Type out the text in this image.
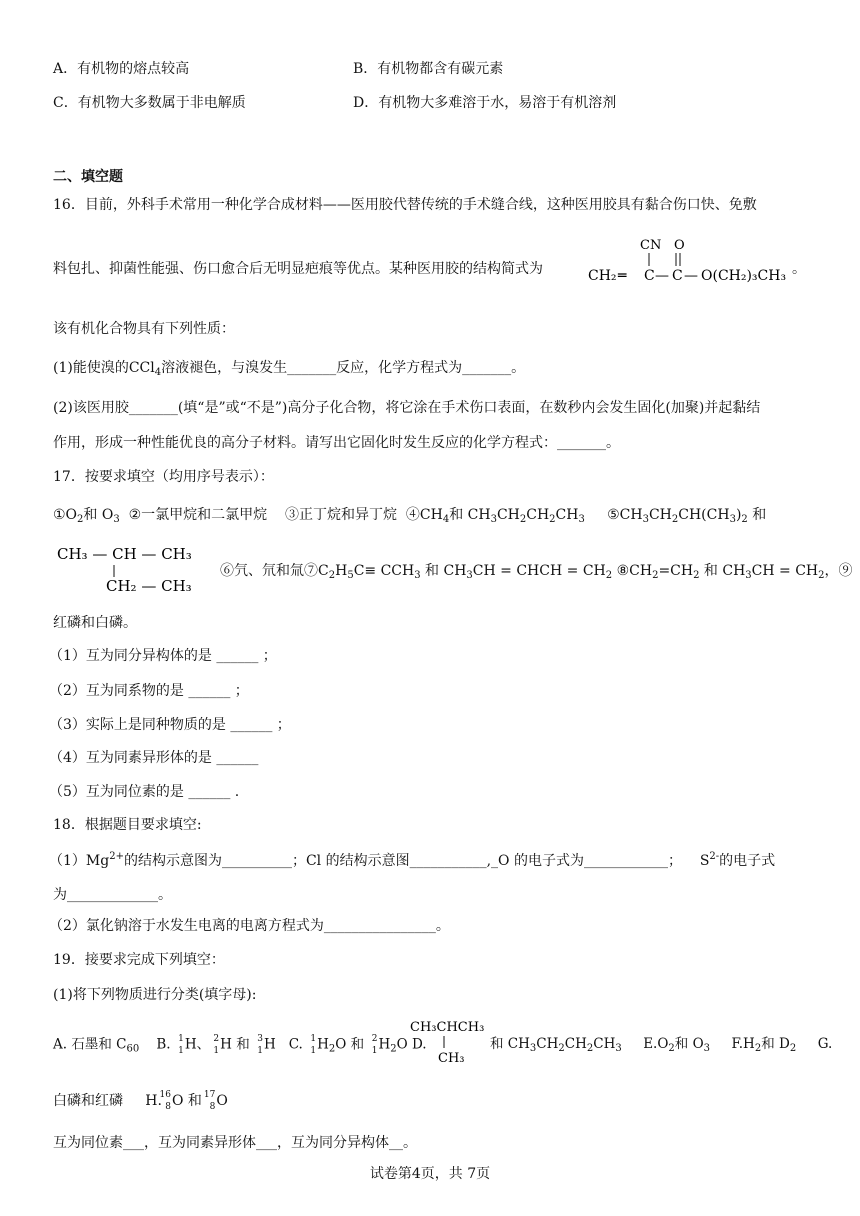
A．有机物的熔点较高	B．有机物都含有碳元素
C．有机物大多数属于非电解质	D．有机物大多难溶于水，易溶于有机溶剂
二、填空题
16．目前，外科手术常用一种化学合成材料——医用胶代替传统的手术缝合线，这种医用胶具有黏合伤口快、免敷
料包扎、抑菌性能强、伤口愈合后无明显疤痕等优点。某种医用胶的结构简式为
CN O
CH₂ ═ C — C — O(CH₂)₃CH₃ 。
该有机化合物具有下列性质：
(1)能使溴的CCl$_4$溶液褪色，与溴发生_______反应，化学方程式为_______。
(2)该医用胶_______(填“是”或“不是”)高分子化合物，将它涂在手术伤口表面，在数秒内会发生固化(加聚)并起黏结
作用，形成一种性能优良的高分子材料。请写出它固化时发生反应的化学方程式：_______。
17．按要求填空（均用序号表示）：
$①O_2$和 $O_3$ ②一氯甲烷和二氯甲烷 ③正丁烷和异丁烷 $④CH_4$和 $CH_3CH_2CH_2CH_3$ $⑤CH_3CH_2CH(CH_3)_2$ 和
CH₃ — CH — CH₃
CH₂ — CH₃
⑥氕、氘和氚$⑦C_2H_5C\equiv CCH_3$ 和 $CH_3CH$ = CHCH = $CH_2$ $⑧CH_2=CH_2$ 和 $CH_3CH = CH_2$，⑨
红磷和白磷。
（1）互为同分异构体的是 ______ ；
（2）互为同系物的是 ______ ；
（3）实际上是同种物质的是 ______ ；
（4）互为同素异形体的是 ______
（5）互为同位素的是 ______ .
18．根据题目要求填空:
$(1)Mg^{2+}$的结构示意图为__________；Cl 的结构示意图___________,_O 的电子式为____________； $S^{2-}$的电子式
为_____________。
（2）氯化钠溶于水发生电离的电离方程式为________________。
19．接要求完成下列填空：
(1)将下列物质进行分类(填字母):
A. 石墨和 $C_{60}$ B. 1
1 H、 2
1 H 和 3
1 H C. 1
1 $H_2O$ 和 2
1 $H_2O$ D.
CH₃CHCH₃
CH₃
和 $CH_3CH_2CH_2CH_3$ $E.O_2$和 $O_3$ $F.H_2$和 $D_2$ G.
白磷和红磷 H.
16
8 O 和 17
8 O
互为同位素___，互为同素异形体___，互为同分异构体__。
试卷第4页，共 7页
